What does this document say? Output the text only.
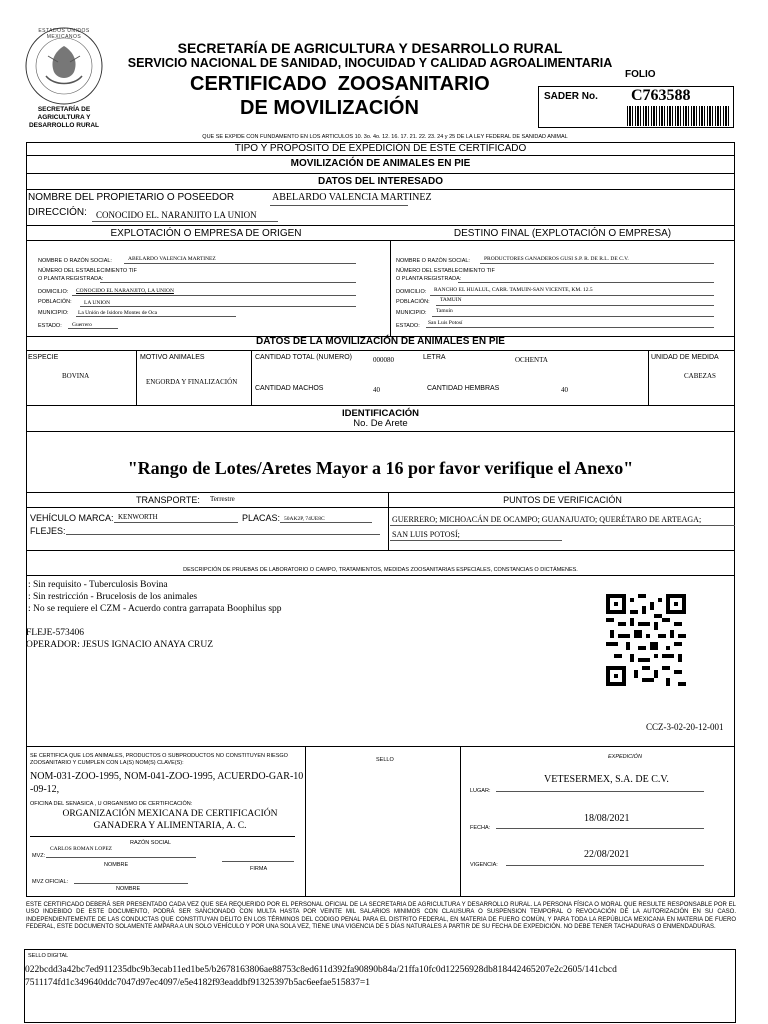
ESTADOS UNIDOS MEXICANOS
SECRETARÍA DE
AGRICULTURA Y
DESARROLLO RURAL
SECRETARÍA DE AGRICULTURA Y DESARROLLO RURAL
SERVICIO NACIONAL DE SANIDAD, INOCUIDAD Y CALIDAD AGROALIMENTARIA
CERTIFICADO  ZOOSANITARIO
DE MOVILIZACIÓN
FOLIO
SADER No. C763588
QUE SE EXPIDE CON FUNDAMENTO EN LOS ARTICULOS 10. 3o. 4o. 12. 16. 17. 21. 22. 23. 24 y 25 DE LA LEY FEDERAL DE SANIDAD ANIMAL
TIPO Y PROPÓSITO DE EXPEDICIÓN DE ESTE CERTIFICADO
MOVILIZACIÓN DE ANIMALES EN PIE
DATOS DEL INTERESADO
NOMBRE DEL PROPIETARIO O POSEEDOR	ABELARDO VALENCIA MARTINEZ
DIRECCIÓN: CONOCIDO EL. NARANJITO LA UNION
EXPLOTACIÓN O EMPRESA DE ORIGEN	DESTINO FINAL (EXPLOTACIÓN O EMPRESA)
NOMBRE O RAZÓN SOCIAL:	ABELARDO VALENCIA MARTINEZ
NÚMERO DEL ESTABLECIMIENTO TIF
O PLANTA REGISTRADA:
DOMICILIO: CONOCIDO EL NARANJITO, LA UNION
POBLACIÓN: LA UNION
MUNICIPIO: La Unión de Isidoro Montes de Oca
ESTADO: Guerrero
NOMBRE O RAZÓN SOCIAL:	PRODUCTORES GANADEROS GUSI S.P. R. DE R.L. DE C.V.
NÚMERO DEL ESTABLECIMIENTO TIF
O PLANTA REGISTRADA:
DOMICILIO: RANCHO EL HUALUL, CARR. TAMUIN-SAN VICENTE, KM. 12.5
POBLACIÓN: TAMUIN
MUNICIPIO: Tamuín
ESTADO: San Luis Potosí
DATOS DE LA MOVILIZACIÓN DE ANIMALES EN PIE
ESPECIE
BOVINA
MOTIVO ANIMALES
ENGORDA Y FINALIZACIÓN
CANTIDAD TOTAL (NUMERO)	000080	LETRA	OCHENTA	UNIDAD DE MEDIDA
CABEZAS
CANTIDAD MACHOS	40	CANTIDAD HEMBRAS	40
IDENTIFICACIÓN
No. De Arete
"Rango de Lotes/Aretes Mayor a 16 por favor verifique el Anexo"
TRANSPORTE: Terrestre	PUNTOS DE VERIFICACIÓN
VEHÍCULO MARCA: KENWORTH	PLACAS: 50AK2P, 74UE8C
FLEJES:
GUERRERO; MICHOACÁN DE OCAMPO; GUANAJUATO; QUERÉTARO DE ARTEAGA;
SAN LUIS POTOSÍ;
DESCRIPCIÓN DE PRUEBAS DE LABORATORIO O CAMPO, TRATAMIENTOS, MEDIDAS ZOOSANITARIAS ESPECIALES, CONSTANCIAS O DICTÁMENES.
: Sin requisito - Tuberculosis Bovina
: Sin restricción - Brucelosis de los animales
: No se requiere el CZM - Acuerdo contra garrapata Boophilus spp
FLEJE-573406
OPERADOR: JESUS IGNACIO ANAYA CRUZ
CCZ-3-02-20-12-001
SE CERTIFICA QUE LOS ANIMALES, PRODUCTOS O SUBPRODUCTOS NO CONSTITUYEN RIESGO ZOOSANITARIO Y CUMPLEN CON LA(S) NOM(S) CLAVE(S):
NOM-031-ZOO-1995, NOM-041-ZOO-1995, ACUERDO-GAR-10
-09-12,
OFICINA DEL SENASICA , U ORGANISMO DE CERTIFICACIÓN:
ORGANIZACIÓN MEXICANA DE CERTIFICACIÓN
GANADERA Y ALIMENTARIA, A. C.
RAZÓN SOCIAL
MVZ:
CARLOS ROMAN LOPEZ
NOMBRE
FIRMA
MVZ OFICIAL:
NOMBRE
SELLO	EXPEDICIÓN
VETESERMEX, S.A. DE C.V.
LUGAR:
18/08/2021
FECHA:
22/08/2021
VIGENCIA:
ESTE CERTIFICADO DEBERÁ SER PRESENTADO CADA VEZ QUE SEA REQUERIDO POR EL PERSONAL OFICIAL DE LA SECRETARIA DE AGRICULTURA Y DESARROLLO RURAL. LA PERSONA FÍSICA O MORAL QUE RESULTE RESPONSABLE POR EL USO INDEBIDO DE ESTE DOCUMENTO, PODRÁ SER SANCIONADO CON MULTA HASTA POR VEINTE MIL SALARIOS MINIMOS CON CLAUSURA O SUSPENSION TEMPORAL O REVOCACIÓN DE LA AUTORIZACIÓN EN SU CASO. INDEPENDIENTEMENTE DE LAS CONDUCTAS QUE CONSTITUYAN DELITO EN LOS TÉRMINOS DEL CODIGO PENAL PARA EL DISTRITO FEDERAL, EN MATERIA DE FUERO COMÚN, Y PARA TODA LA REPÚBLICA MEXICANA EN MATERIA DE FUERO FEDERAL, ESTE DOCUMENTO SOLAMENTE AMPARA A UN SOLO VEHÍCULO Y POR UNA SOLA VEZ, TIENE UNA VIGENCIA DE 5 DÍAS NATURALES A PARTIR DE SU FECHA DE EXPEDICIÓN. NO DEBE TENER TACHADURAS O ENMENDADURAS.
SELLO DIGITAL
022bcdd3a42bc7ed911235dbc9b3ecab11ed1be5/b2678163806ae88753c8ed611d392fa90890b84a/21ffa10fc0d12256928db818442465207e2c2605/141cbcd
7511174fd1c349640ddc7047d97ec4097/e5e4182f93eaddbf91325397b5ac6eefae515837=1
